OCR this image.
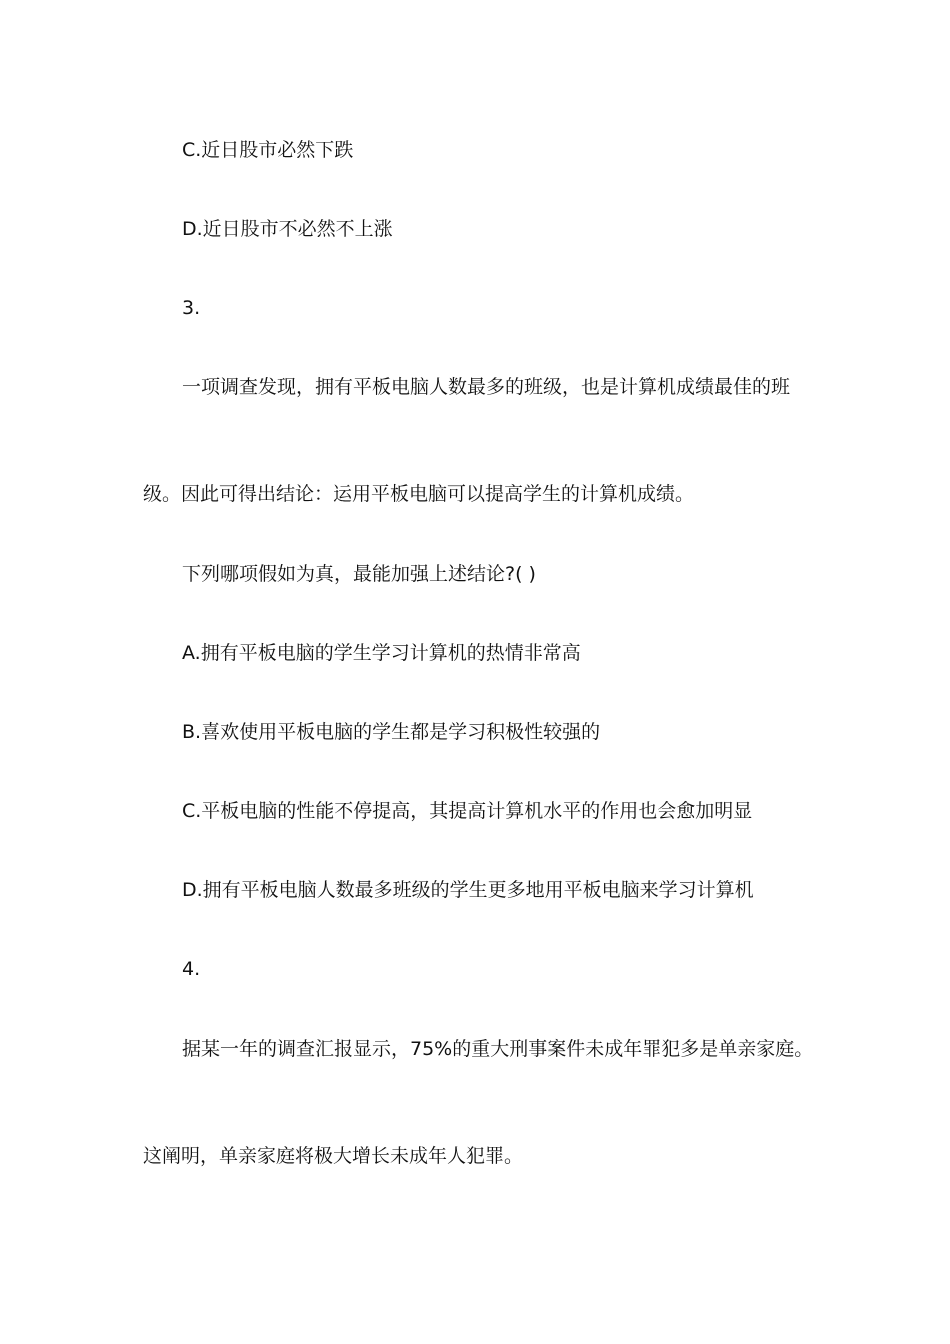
C.近日股市必然下跌
D.近日股市不必然不上涨
3.
一项调查发现，拥有平板电脑人数最多的班级，也是计算机成绩最佳的班
级。因此可得出结论：运用平板电脑可以提高学生的计算机成绩。
下列哪项假如为真，最能加强上述结论?( )
A.拥有平板电脑的学生学习计算机的热情非常高
B.喜欢使用平板电脑的学生都是学习积极性较强的
C.平板电脑的性能不停提高，其提高计算机水平的作用也会愈加明显
D.拥有平板电脑人数最多班级的学生更多地用平板电脑来学习计算机
4.
据某一年的调查汇报显示，75%的重大刑事案件未成年罪犯多是单亲家庭。
这阐明，单亲家庭将极大增长未成年人犯罪。
